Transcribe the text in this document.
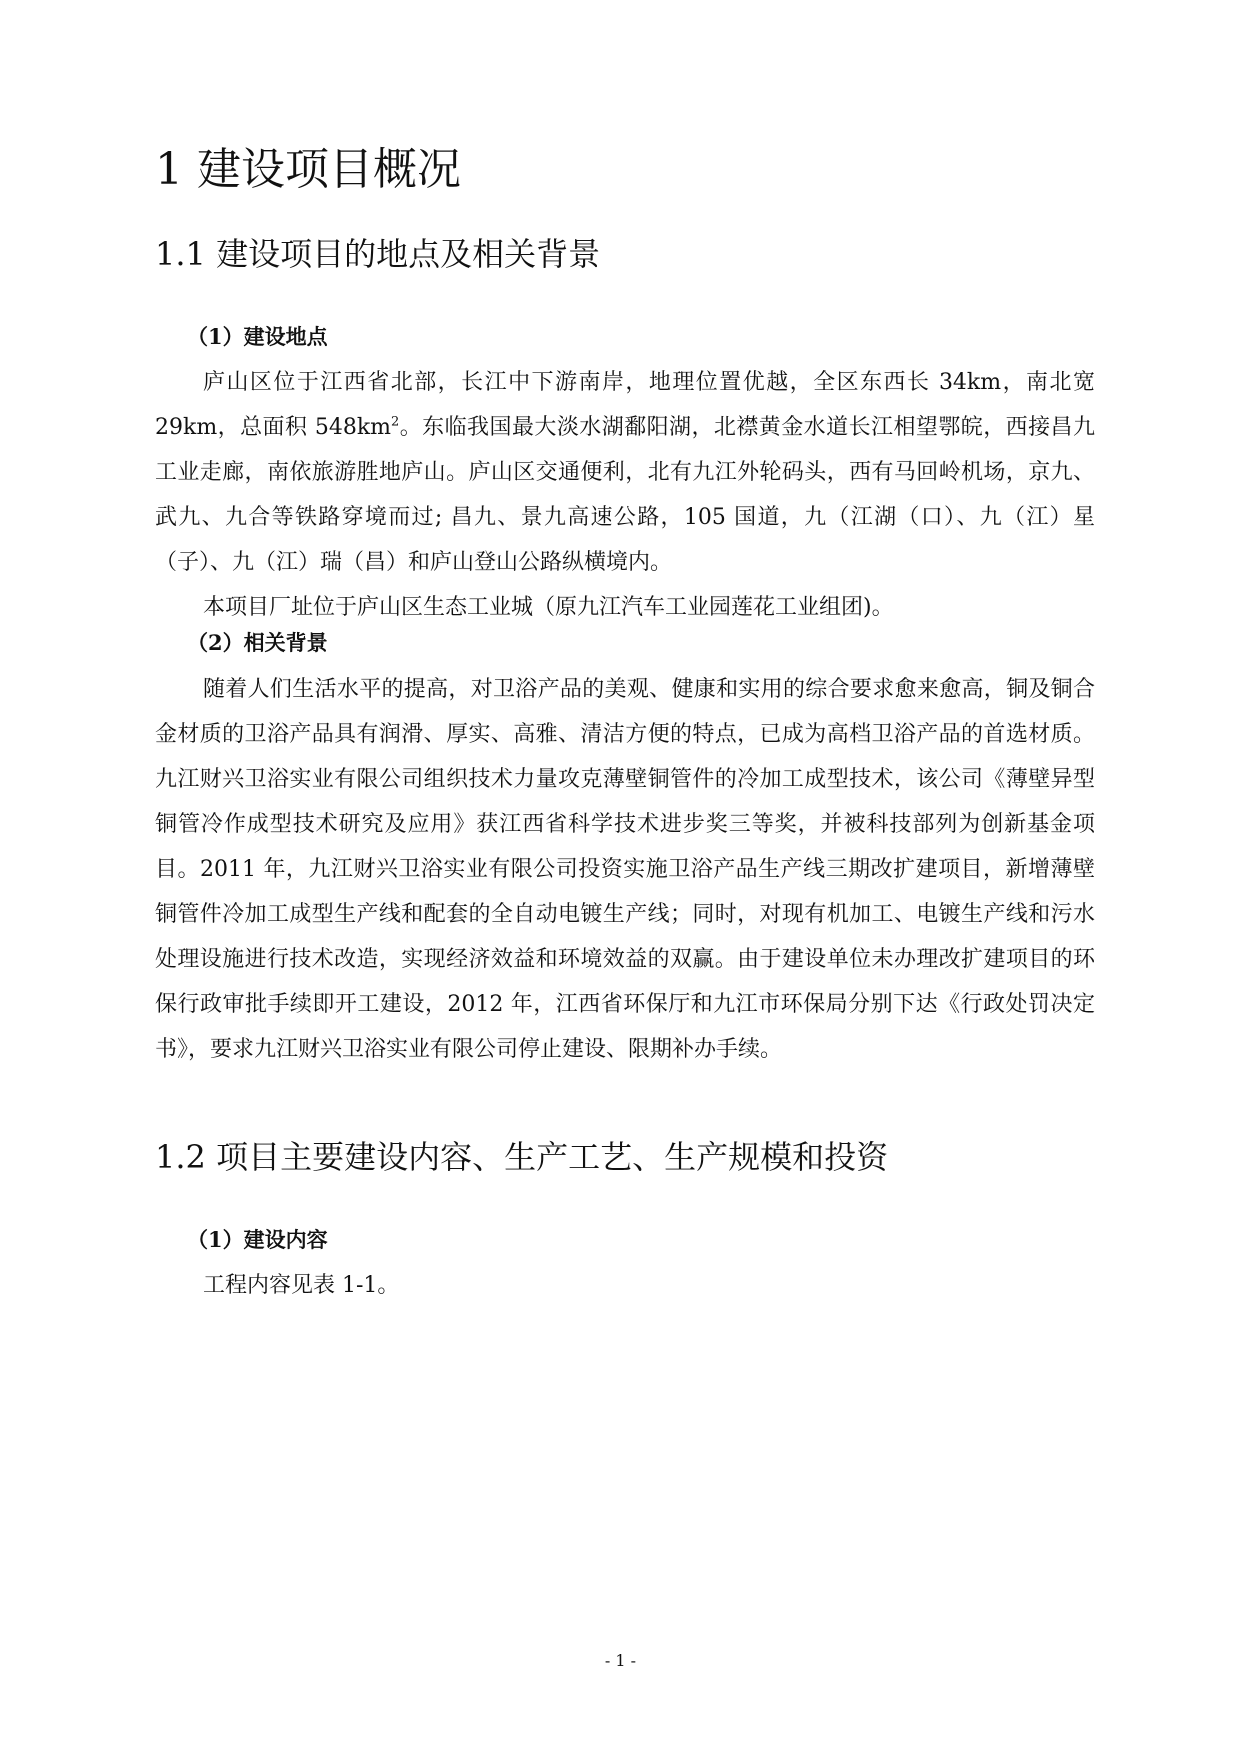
1 建设项目概况
1.1 建设项目的地点及相关背景

（1）建设地点

庐山区位于江西省北部，长江中下游南岸，地理位置优越，全区东西长 34km，南北宽 29km，总面积 $548km^2$。东临我国最大淡水湖鄱阳湖，北襟黄金水道长江相望鄂皖，西接昌九工业走廊，南依旅游胜地庐山。庐山区交通便利，北有九江外轮码头，西有马回岭机场，京九、武九、九合等铁路穿境而过; 昌九、景九高速公路，105 国道，九（江湖（口）、九（江）星（子）、九（江）瑞（昌）和庐山登山公路纵横境内。

本项目厂址位于庐山区生态工业城（原九江汽车工业园莲花工业组团)。

（2）相关背景

随着人们生活水平的提高，对卫浴产品的美观、健康和实用的综合要求愈来愈高，铜及铜合金材质的卫浴产品具有润滑、厚实、高雅、清洁方便的特点，已成为高档卫浴产品的首选材质。九江财兴卫浴实业有限公司组织技术力量攻克薄壁铜管件的冷加工成型技术，该公司《薄壁异型铜管冷作成型技术研究及应用》获江西省科学技术进步奖三等奖，并被科技部列为创新基金项目。2011 年，九江财兴卫浴实业有限公司投资实施卫浴产品生产线三期改扩建项目，新增薄壁铜管件冷加工成型生产线和配套的全自动电镀生产线；同时，对现有机加工、电镀生产线和污水处理设施进行技术改造，实现经济效益和环境效益的双赢。由于建设单位未办理改扩建项目的环保行政审批手续即开工建设，2012 年，江西省环保厅和九江市环保局分别下达《行政处罚决定书》，要求九江财兴卫浴实业有限公司停止建设、限期补办手续。

1.2 项目主要建设内容、生产工艺、生产规模和投资

（1）建设内容

工程内容见表 1-1。

- 1 -
